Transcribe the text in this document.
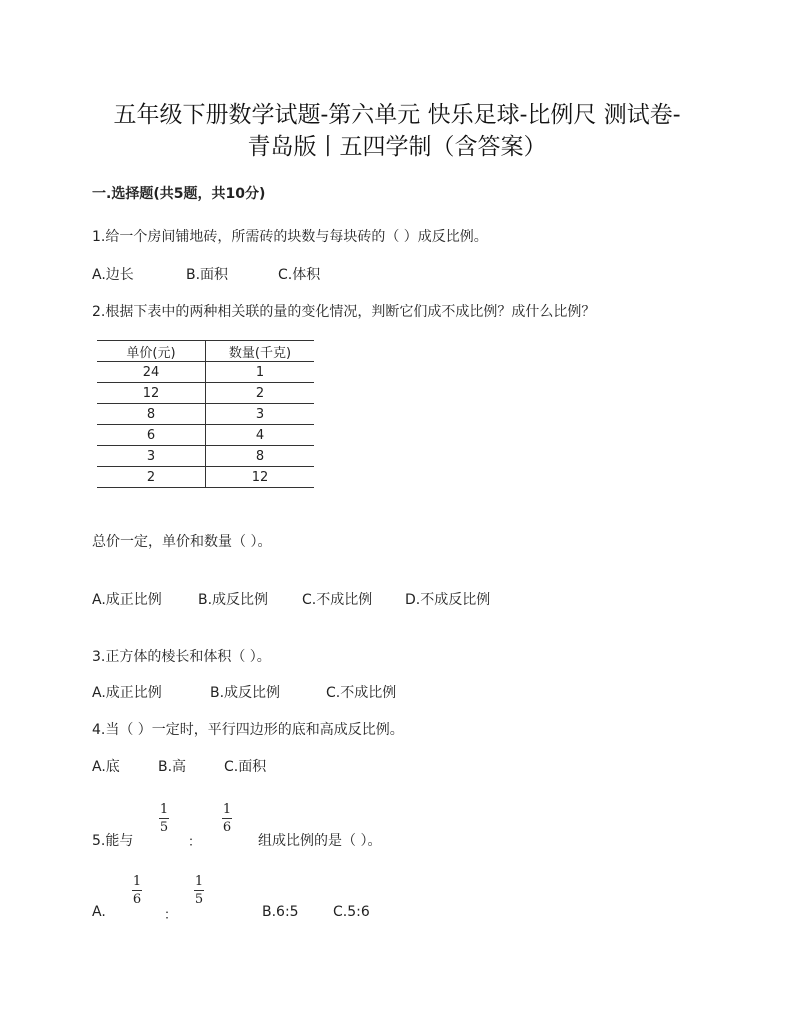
五年级下册数学试题-第六单元 快乐足球-比例尺 测试卷-
青岛版丨五四学制（含答案）
一.选择题(共5题，共10分)
1.给一个房间铺地砖，所需砖的块数与每块砖的（ ）成反比例。
A.边长	B.面积	C.体积
2.根据下表中的两种相关联的量的变化情况，判断它们成不成比例？成什么比例？
单价(元)	数量(千克)
24	1
12	2
8	3
6	4
3	8
2	12
总价一定，单价和数量（ ）。
A.成正比例	B.成反比例 C.不成比例 D.不成反比例
3.正方体的棱长和体积（ ）。
A.成正比例	B.成反比例	C.不成比例
4.当（ ）一定时，平行四边形的底和高成反比例。
A.底	B.高	C.面积
5.能与
1
5
：
1
6
组成比例的是（ ）。
A.
1
6
：
1
5
B.6:5 C.5:6
